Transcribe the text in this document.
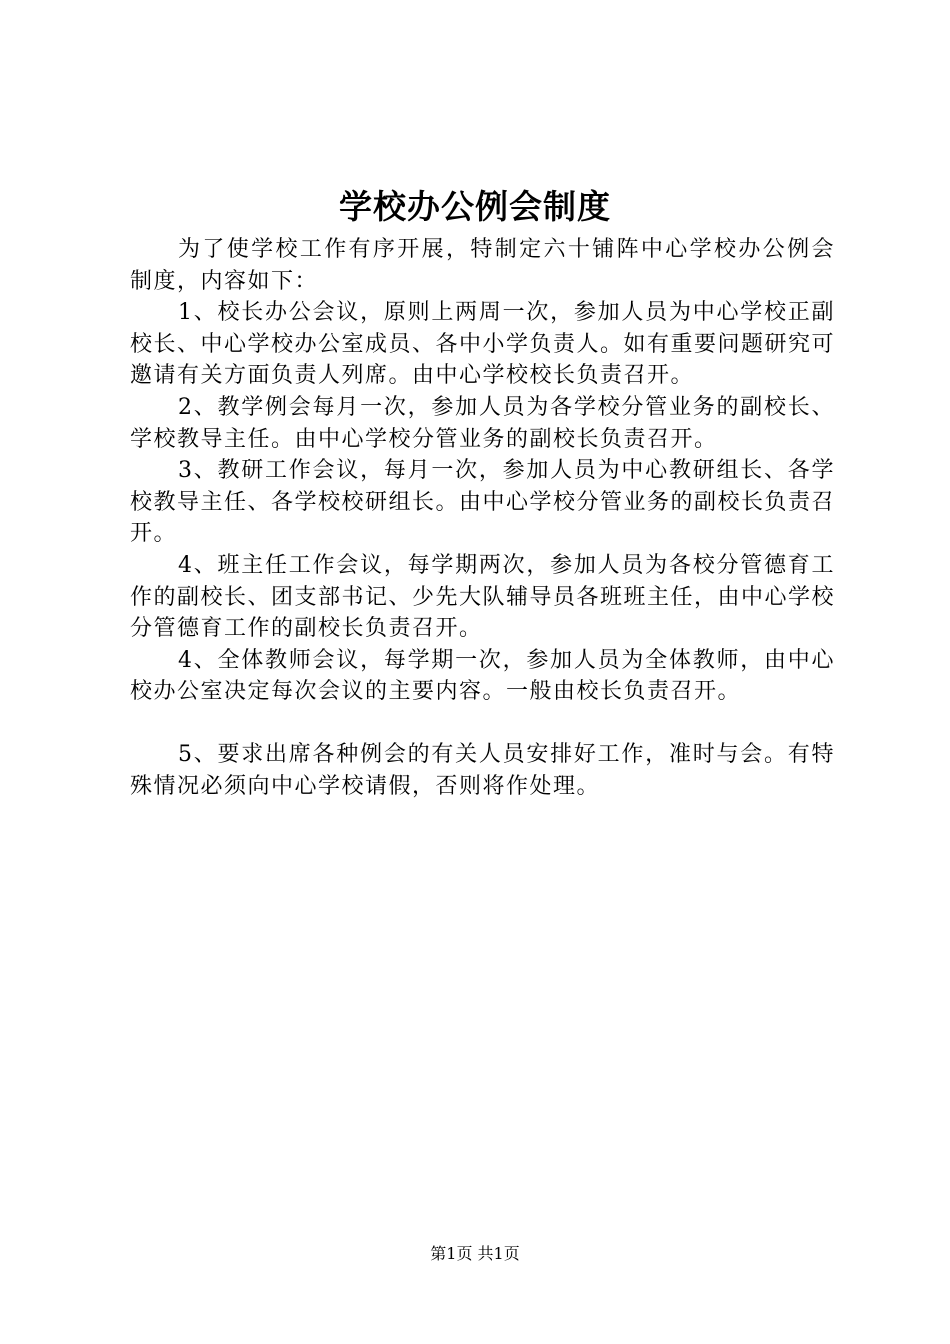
学校办公例会制度

为了使学校工作有序开展，特制定六十铺阵中心学校办公例会制度，内容如下：

1、校长办公会议，原则上两周一次，参加人员为中心学校正副校长、中心学校办公室成员、各中小学负责人。如有重要问题研究可邀请有关方面负责人列席。由中心学校校长负责召开。

2、教学例会每月一次，参加人员为各学校分管业务的副校长、学校教导主任。由中心学校分管业务的副校长负责召开。

3、教研工作会议，每月一次，参加人员为中心教研组长、各学校教导主任、各学校校研组长。由中心学校分管业务的副校长负责召开。

4、班主任工作会议，每学期两次，参加人员为各校分管德育工作的副校长、团支部书记、少先大队辅导员各班班主任，由中心学校分管德育工作的副校长负责召开。

4、全体教师会议，每学期一次，参加人员为全体教师，由中心校办公室决定每次会议的主要内容。一般由校长负责召开。

5、要求出席各种例会的有关人员安排好工作，准时与会。有特殊情况必须向中心学校请假，否则将作处理。

第1页 共1页
